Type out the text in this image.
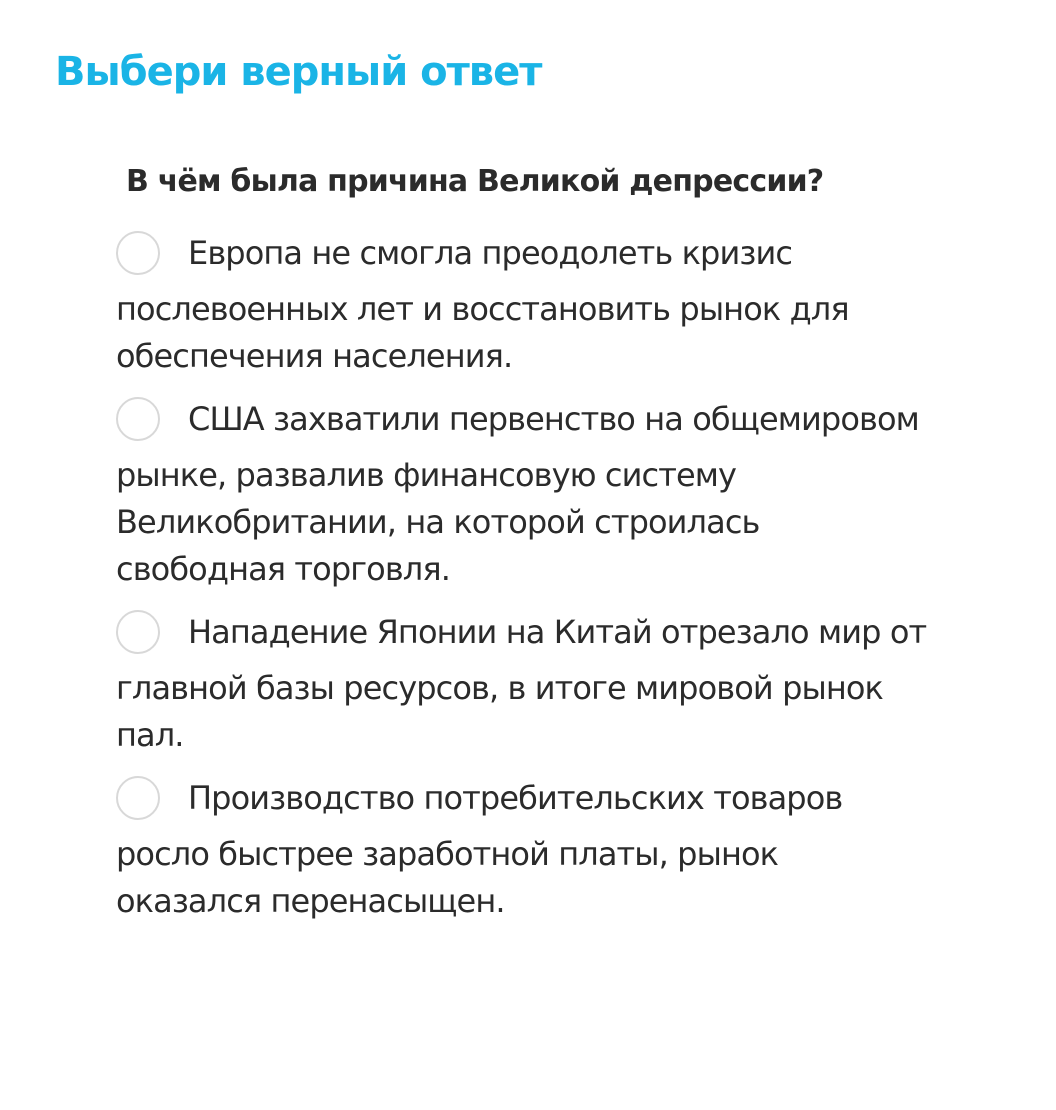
Выбери верный ответ
В чём была причина Великой депрессии?
Европа не смогла преодолеть кризис
послевоенных лет и восстановить рынок для
обеспечения населения.
США захватили первенство на общемировом
рынке, развалив финансовую систему
Великобритании, на которой строилась
свободная торговля.
Нападение Японии на Китай отрезало мир от
главной базы ресурсов, в итоге мировой рынок
пал.
Производство потребительских товаров
росло быстрее заработной платы, рынок
оказался перенасыщен.
